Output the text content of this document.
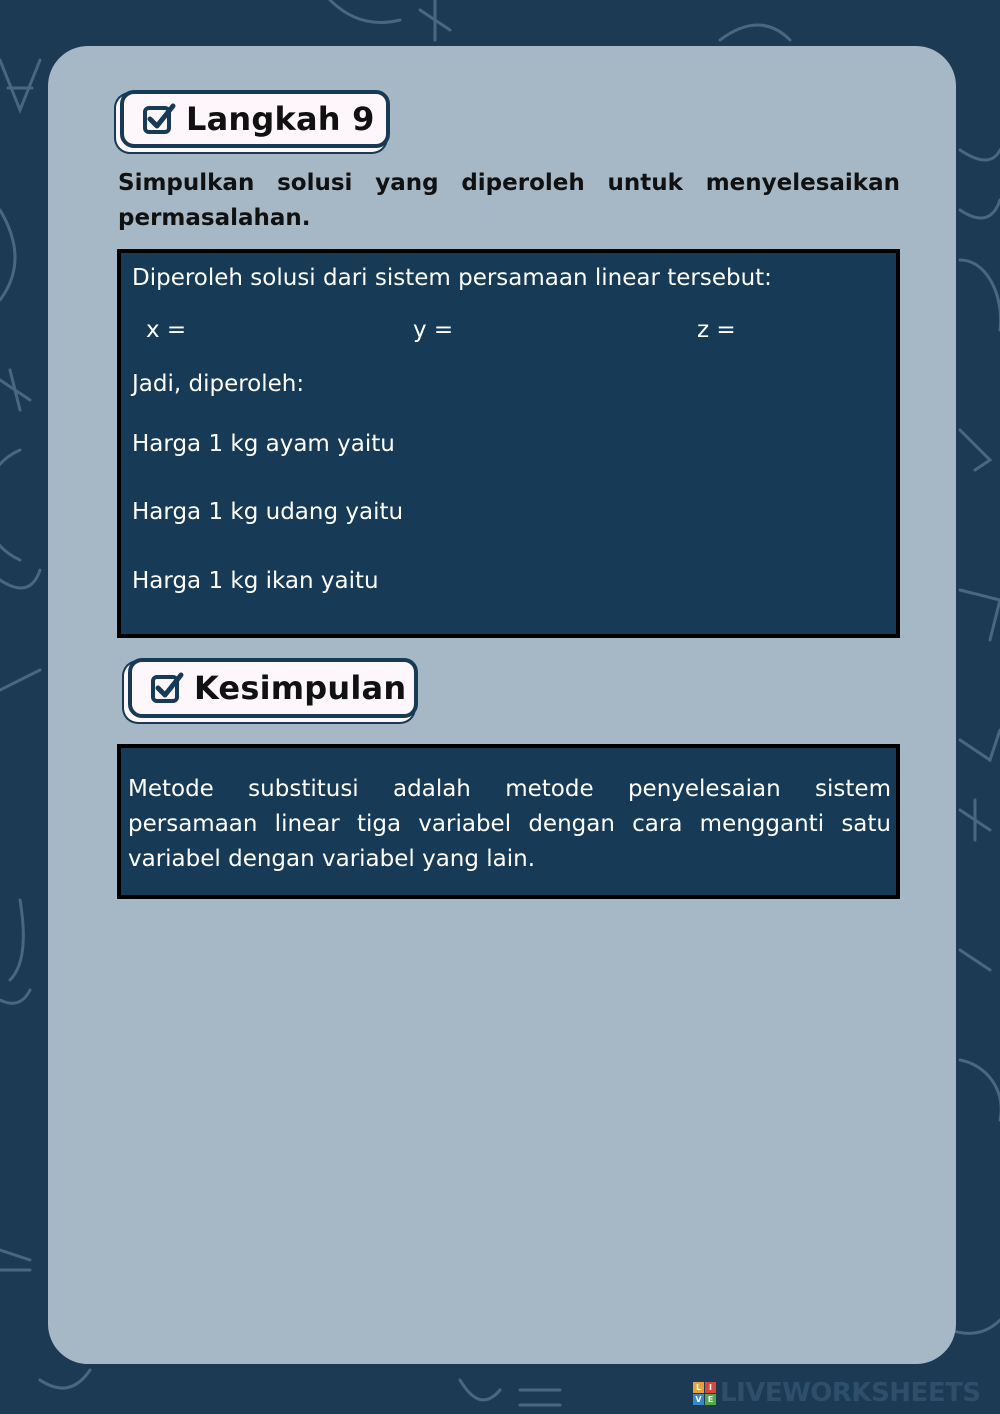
Langkah 9
Simpulkan solusi yang diperoleh untuk menyelesaikan permasalahan.
Diperoleh solusi dari sistem persamaan linear tersebut:
x =	y =	z =
Jadi, diperoleh:
Harga 1 kg ayam yaitu
Harga 1 kg udang yaitu
Harga 1 kg ikan yaitu
Kesimpulan
Metode substitusi adalah metode penyelesaian sistem persamaan linear tiga variabel dengan cara mengganti satu variabel dengan variabel yang lain.
L I
V E LIVEWORKSHEETS
